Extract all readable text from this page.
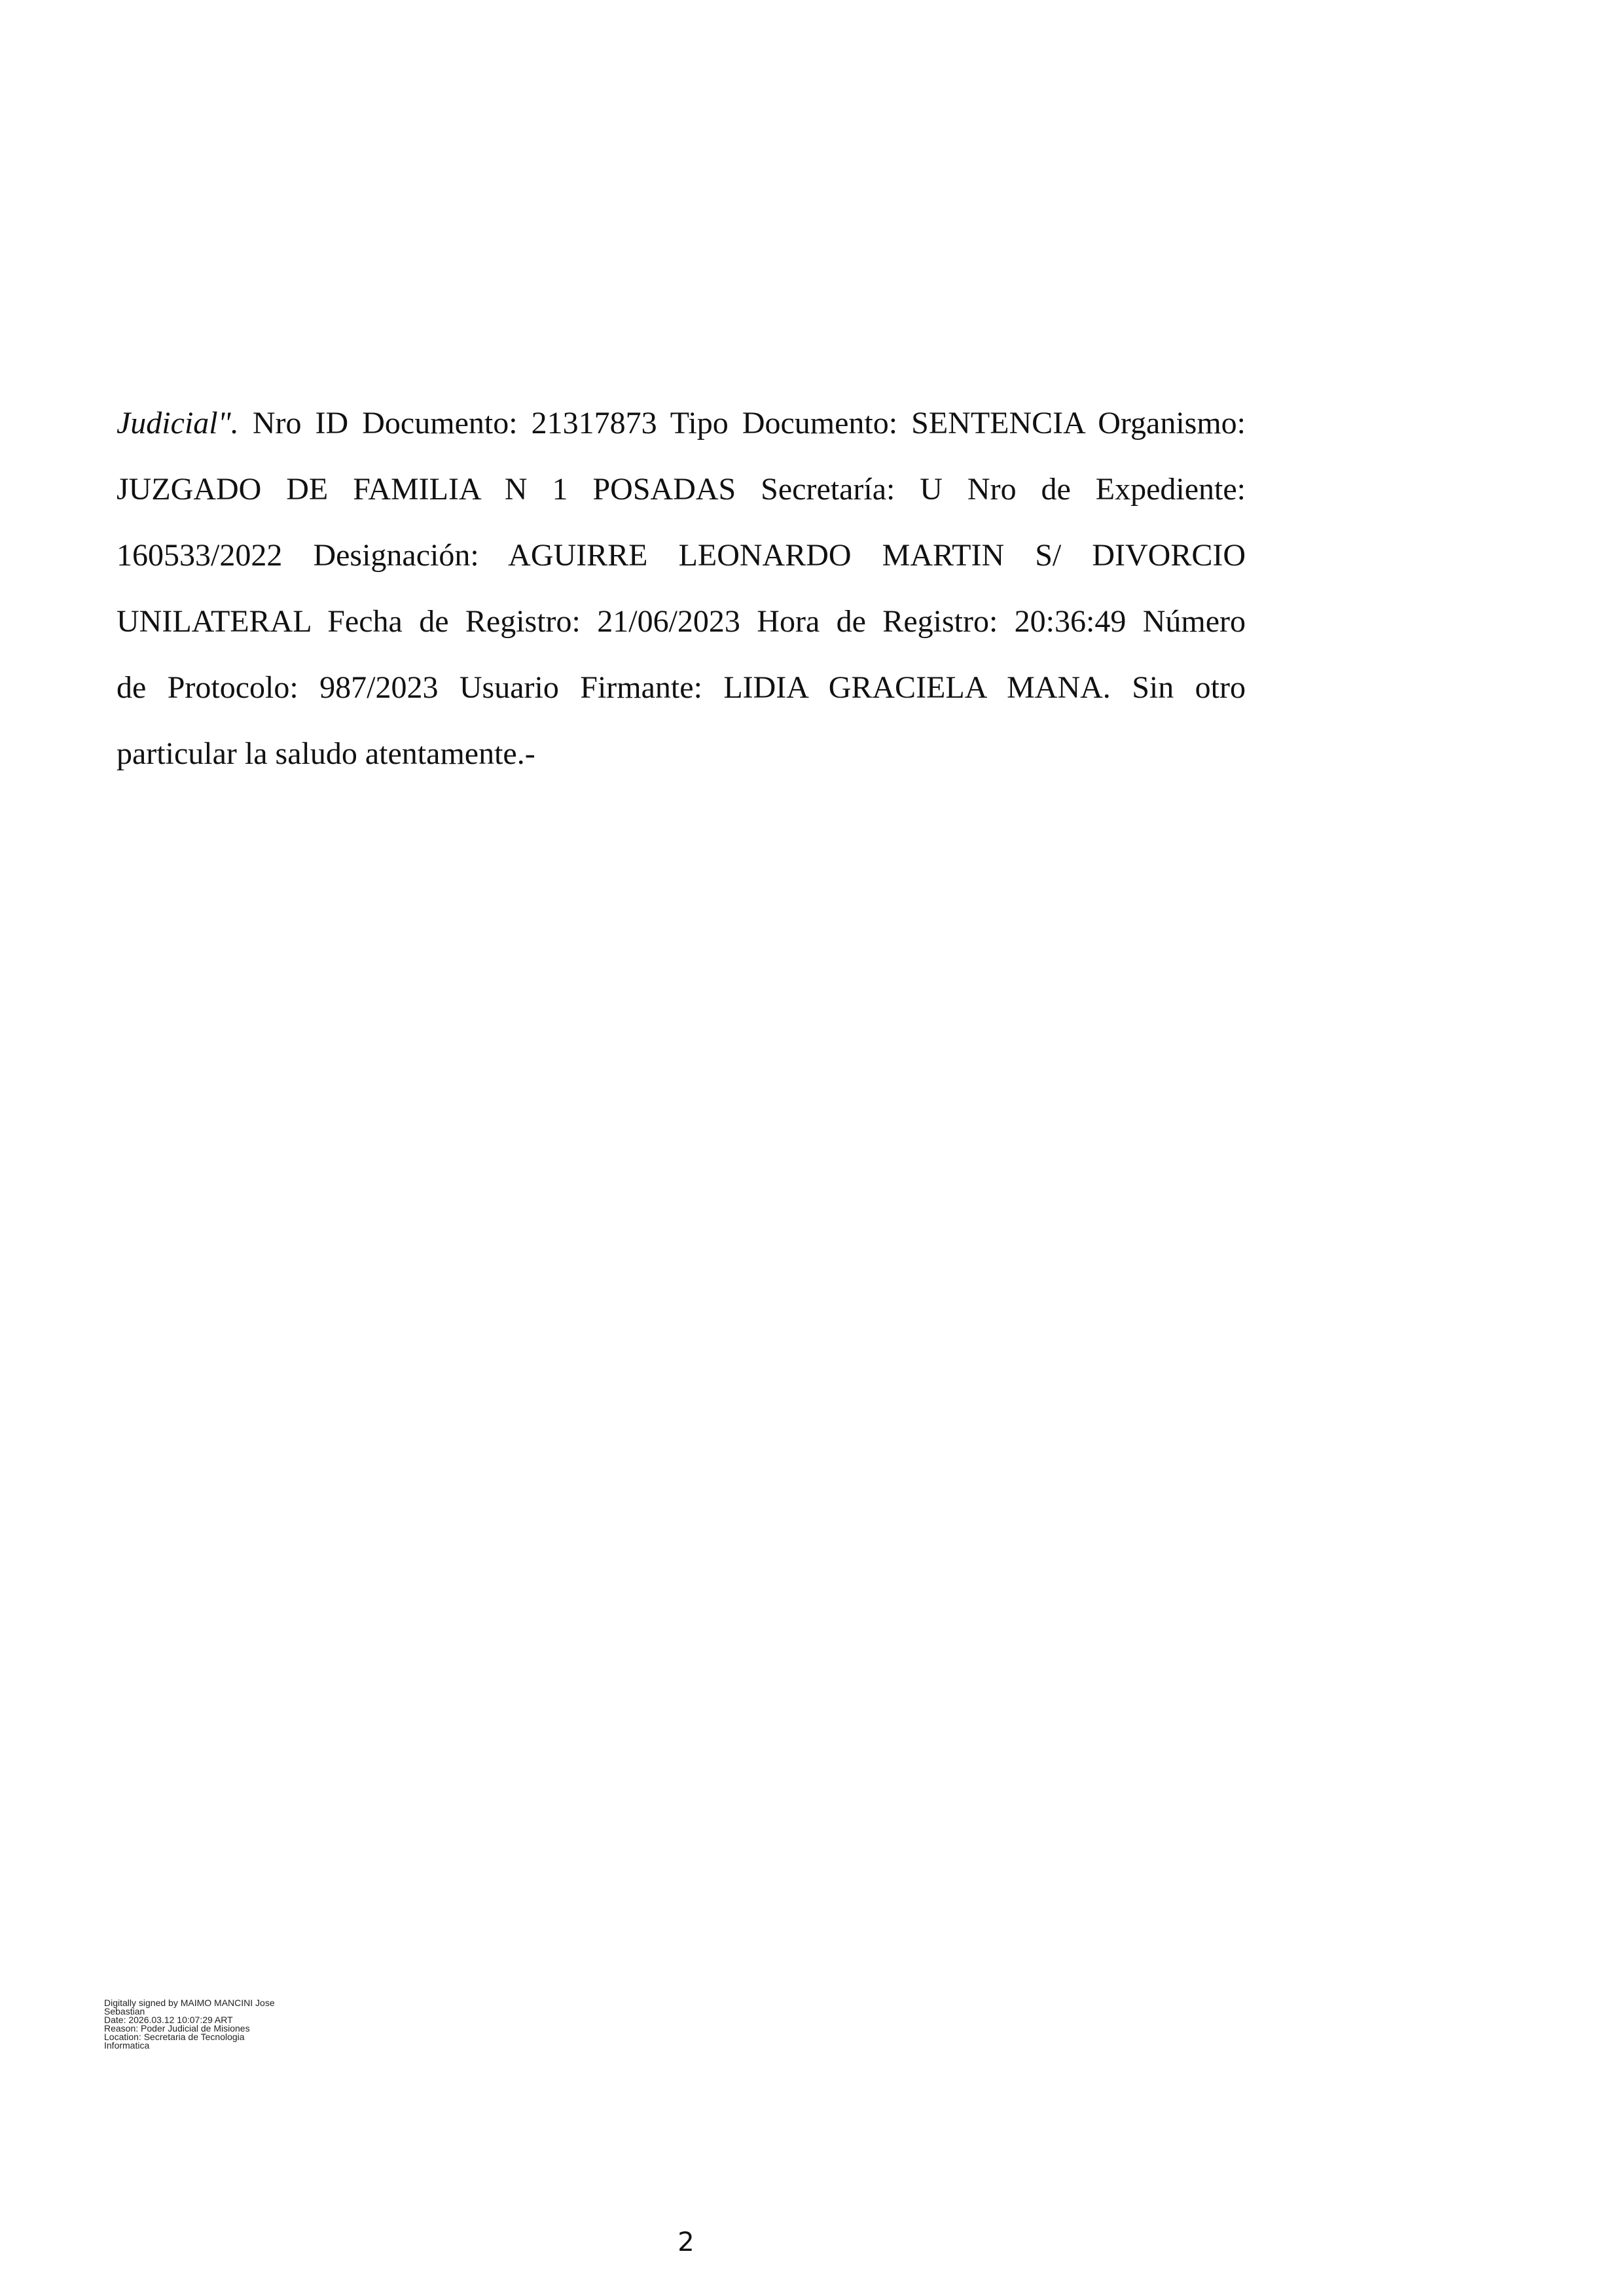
Judicial". Nro ID Documento: 21317873 Tipo Documento: SENTENCIA Organismo:
JUZGADO DE FAMILIA N 1 POSADAS Secretaría: U Nro de Expediente:
160533/2022 Designación: AGUIRRE LEONARDO MARTIN S/ DIVORCIO
UNILATERAL Fecha de Registro: 21/06/2023 Hora de Registro: 20:36:49 Número
de Protocolo: 987/2023 Usuario Firmante: LIDIA GRACIELA MANA. Sin otro
particular la saludo atentamente.-
Digitally signed by MAIMO MANCINI Jose
Sebastian
Date: 2026.03.12 10:07:29 ART
Reason: Poder Judicial de Misiones
Location: Secretaria de Tecnologia
Informatica
2
